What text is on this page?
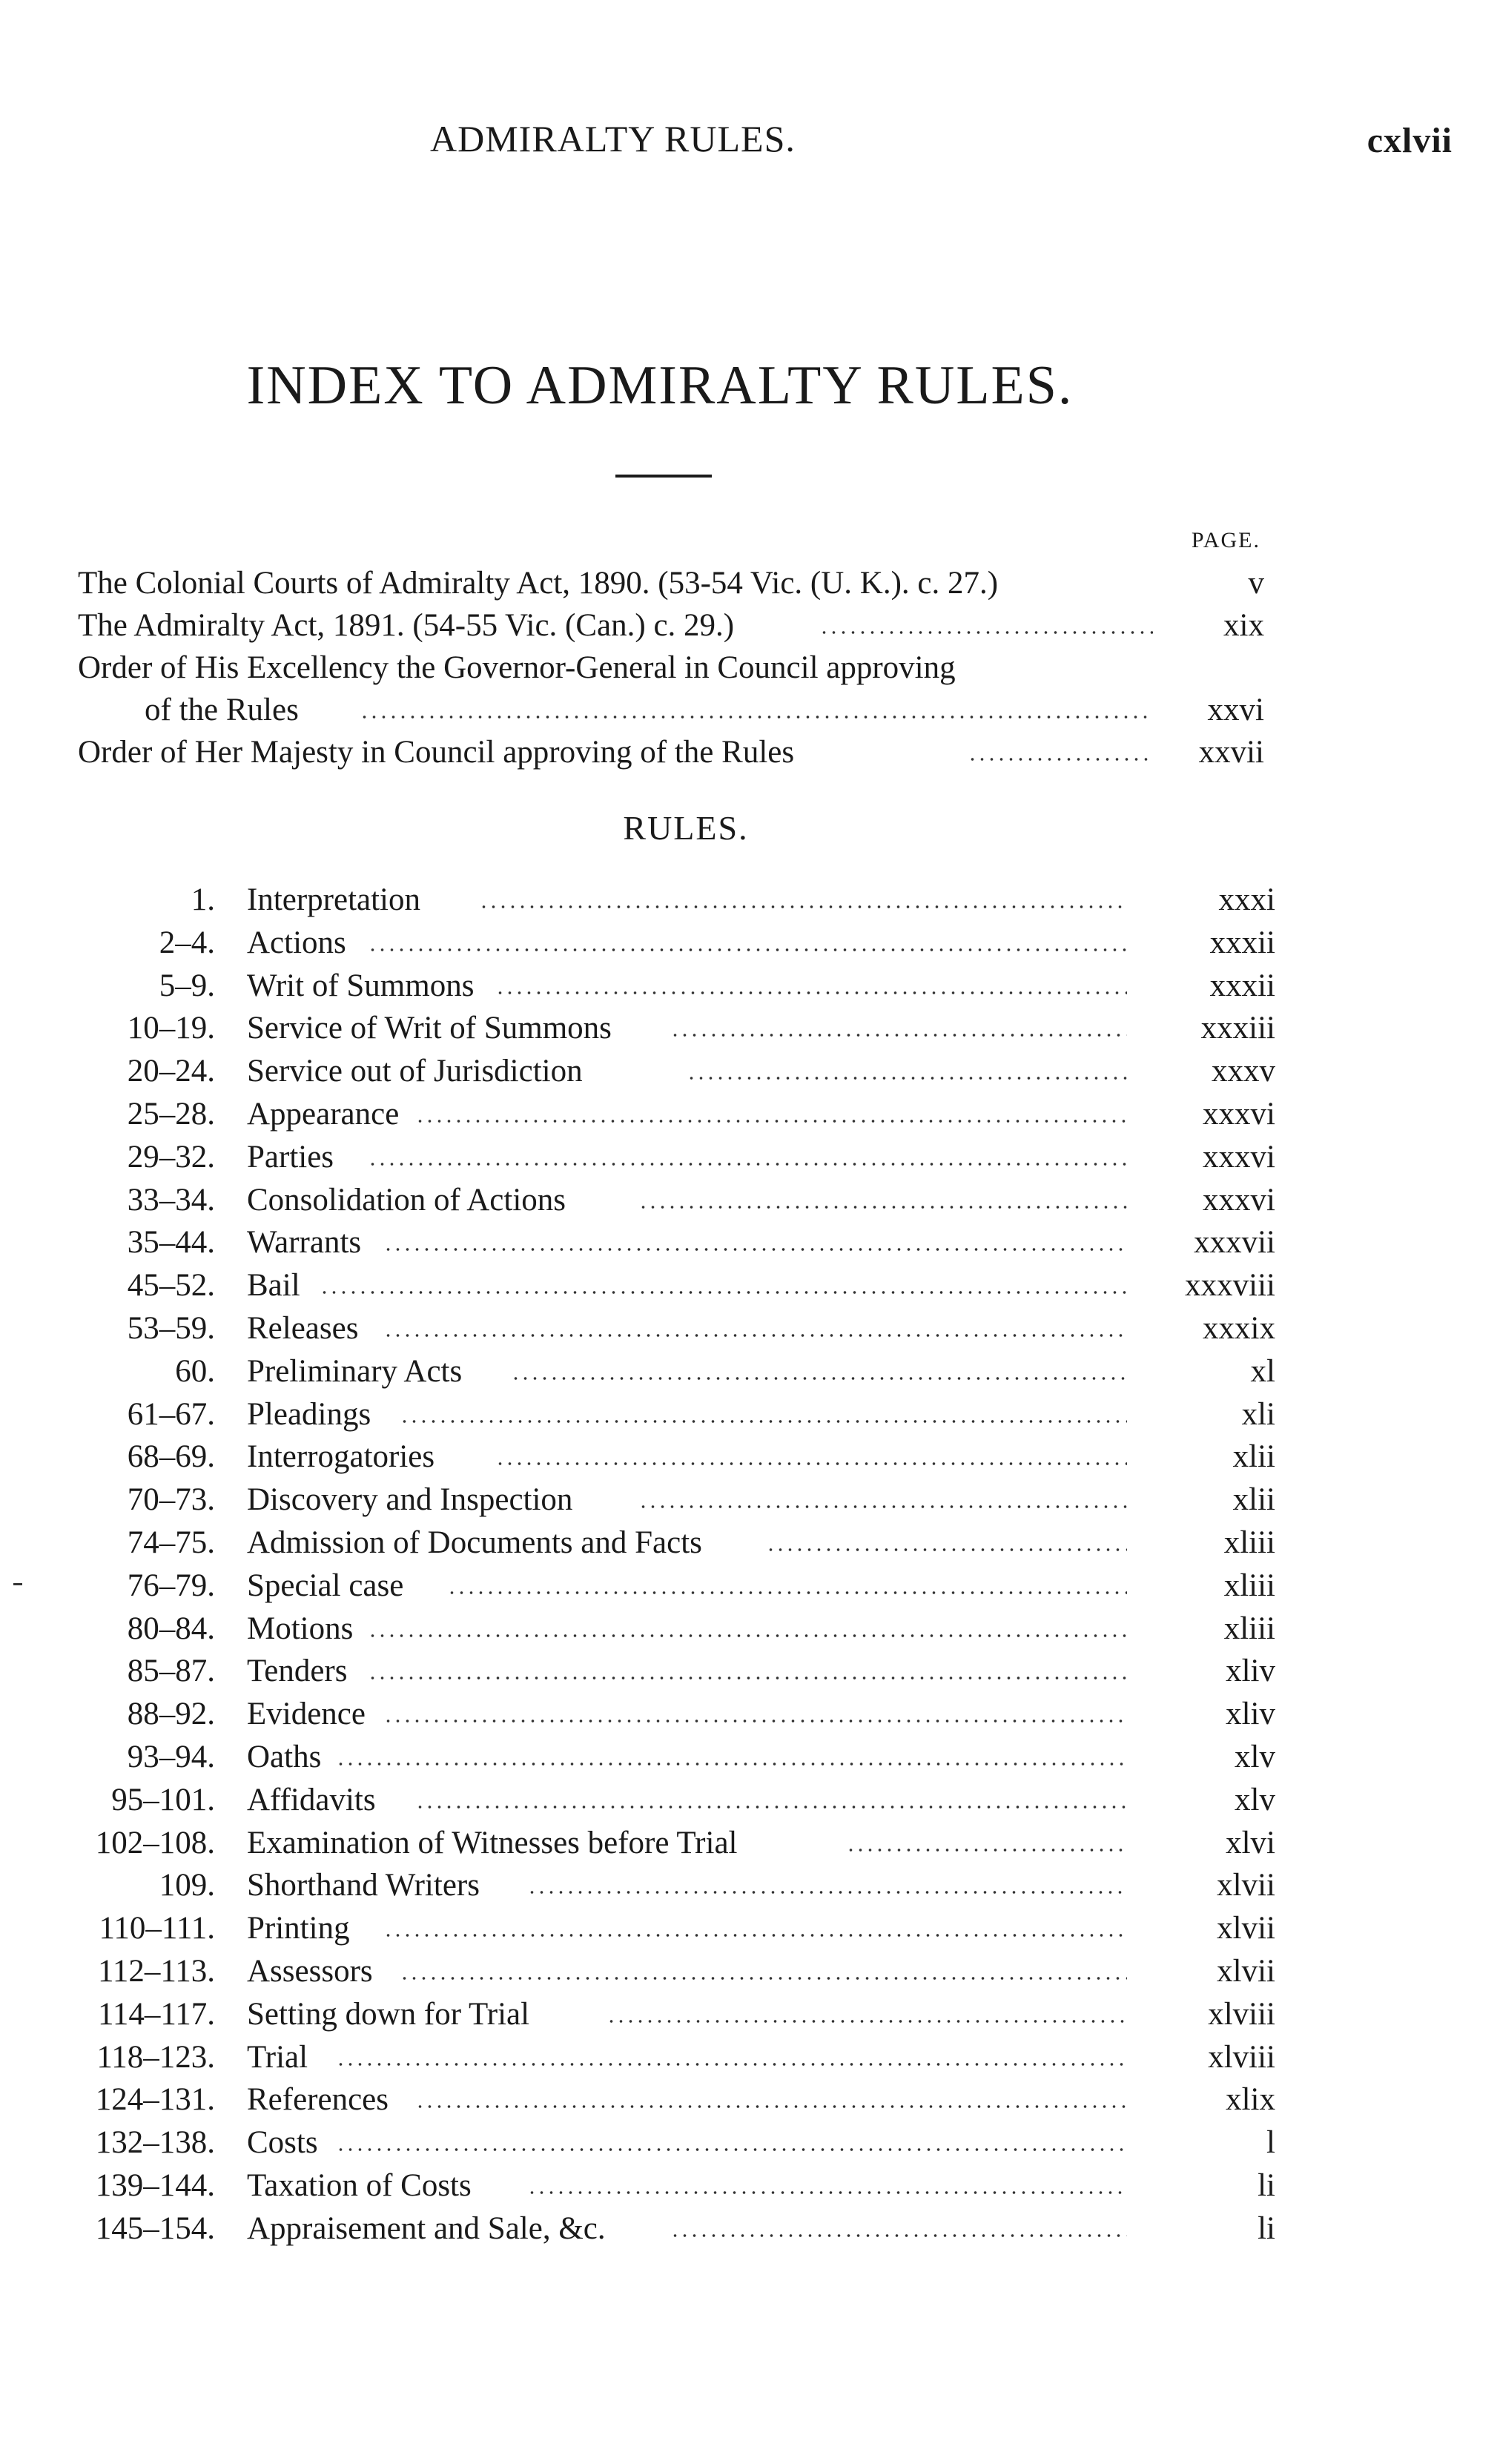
ADMIRALTY RULES.	cxlvii
INDEX TO ADMIRALTY RULES.
PAGE.
The Colonial Courts of Admiralty Act, 1890. (53-54 Vic. (U. K.). c. 27.)	v
The Admiralty Act, 1891. (54-55 Vic. (Can.) c. 29.)	xix
Order of His Excellency the Governor-General in Council approving
of the Rules	xxvi
Order of Her Majesty in Council approving of the Rules	xxvii
RULES.
1. Interpretation	xxxi
2–4. Actions	xxxii
5–9. Writ of Summons	xxxii
10–19. Service of Writ of Summons	xxxiii
20–24. Service out of Jurisdiction	xxxv
25–28. Appearance	xxxvi
29–32. Parties	xxxvi
33–34. Consolidation of Actions	xxxvi
35–44. Warrants	xxxvii
45–52. Bail	xxxviii
53–59. Releases	xxxix
60. Preliminary Acts	xl
61–67. Pleadings	xli
68–69. Interrogatories	xlii
70–73. Discovery and Inspection	xlii
74–75. Admission of Documents and Facts	xliii
76–79. Special case	xliii
80–84. Motions	xliii
85–87. Tenders	xliv
88–92. Evidence	xliv
93–94. Oaths	xlv
95–101. Affidavits	xlv
102–108. Examination of Witnesses before Trial	xlvi
109. Shorthand Writers	xlvii
110–111. Printing	xlvii
112–113. Assessors	xlvii
114–117. Setting down for Trial	xlviii
118–123. Trial	xlviii
124–131. References	xlix
132–138. Costs	l
139–144. Taxation of Costs	li
145–154. Appraisement and Sale, &c.	li
